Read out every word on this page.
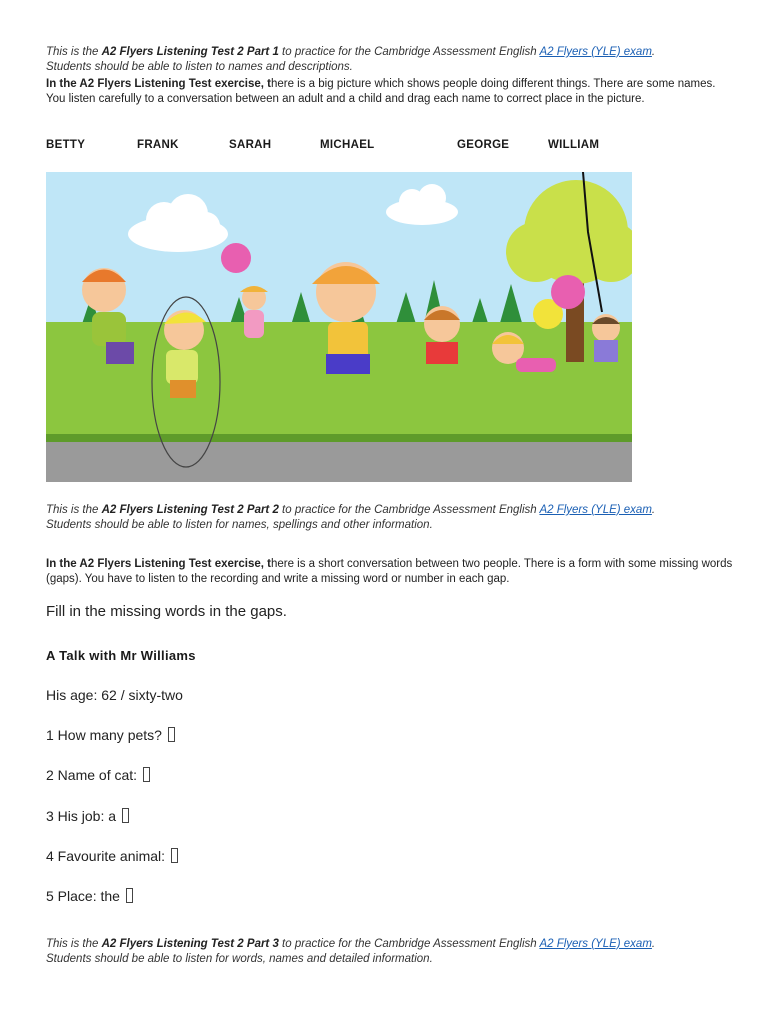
This is the A2 Flyers Listening Test 2 Part 1 to practice for the Cambridge Assessment English A2 Flyers (YLE) exam.
Students should be able to listen to names and descriptions.
In the A2 Flyers Listening Test exercise, there is a big picture which shows people doing different things. There are some names. You listen carefully to a conversation between an adult and a child and drag each name to correct place in the picture.
BETTY	FRANK	SARAH	MICHAEL	GEORGE	WILLIAM
This is the A2 Flyers Listening Test 2 Part 2 to practice for the Cambridge Assessment English A2 Flyers (YLE) exam.
Students should be able to listen for names, spellings and other information.
In the A2 Flyers Listening Test exercise, there is a short conversation between two people. There is a form with some missing words (gaps). You have to listen to the recording and write a missing word or number in each gap.
Fill in the missing words in the gaps.
A Talk with Mr Williams
His age: 62 / sixty-two
1 How many pets?
2 Name of cat:
3 His job: a
4 Favourite animal:
5 Place: the
This is the A2 Flyers Listening Test 2 Part 3 to practice for the Cambridge Assessment English A2 Flyers (YLE) exam.
Students should be able to listen for words, names and detailed information.
